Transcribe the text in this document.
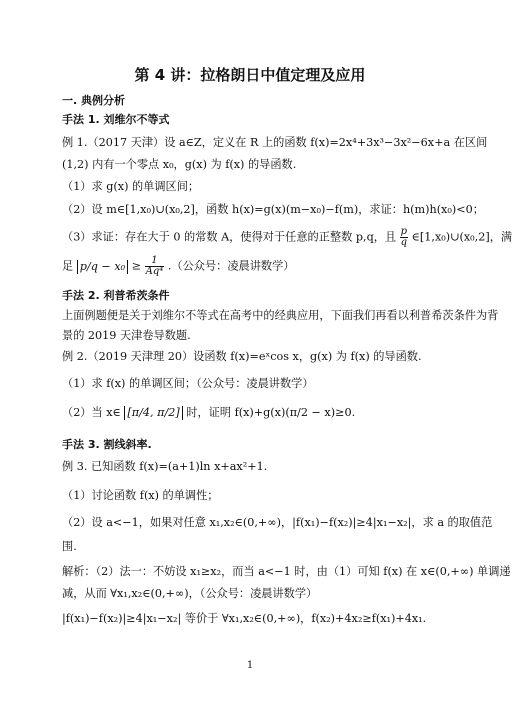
第 4 讲：拉格朗日中值定理及应用
一. 典例分析
手法 1. 刘维尔不等式
例 1.（2017 天津）设 a∈Z，定义在 R 上的函数 f(x)=2x⁴+3x³−3x²−6x+a 在区间
(1,2) 内有一个零点 x₀，g(x) 为 f(x) 的导函数.
（1）求 g(x) 的单调区间；
（2）设 m∈[1,x₀)∪(x₀,2]，函数 h(x)=g(x)(m−x₀)−f(m)，求证：h(m)h(x₀)<0；
（3）求证：存在大于 0 的常数 A，使得对于任意的正整数 p,q，且 $\frac{p}{q}$ ∈[1,x₀)∪(x₀,2]，满
足 $p/q - x_0 \ge \frac{1}{\text{Aq⁴}}$ .（公众号：凌晨讲数学）
手法 2. 利普希茨条件
上面例题便是关于刘维尔不等式在高考中的经典应用，下面我们再看以利普希茨条件为背
景的 2019 天津卷导数题.
例 2.（2019 天津理 20）设函数 f(x)=eˣcos x，g(x) 为 f(x) 的导函数.
（1）求 f(x) 的单调区间；（公众号：凌晨讲数学）
（2）当 x∈ [π/4, π/2] 时，证明 f(x)+g(x)(π/2 − x)≥0.
手法 3. 割线斜率.
例 3. 已知函数 f(x)=(a+1)ln x+ax²+1.
（1）讨论函数 f(x) 的单调性；
（2）设 a<−1，如果对任意 x₁,x₂∈(0,+∞)，|f(x₁)−f(x₂)|≥4|x₁−x₂|，求 a 的取值范
围.
解析：（2）法一：不妨设 x₁≥x₂，而当 a<−1 时，由（1）可知 f(x) 在 x∈(0,+∞) 单调递
减，从而 ∀x₁,x₂∈(0,+∞)，（公众号：凌晨讲数学）
|f(x₁)−f(x₂)|≥4|x₁−x₂| 等价于 ∀x₁,x₂∈(0,+∞)，f(x₂)+4x₂≥f(x₁)+4x₁.
1
